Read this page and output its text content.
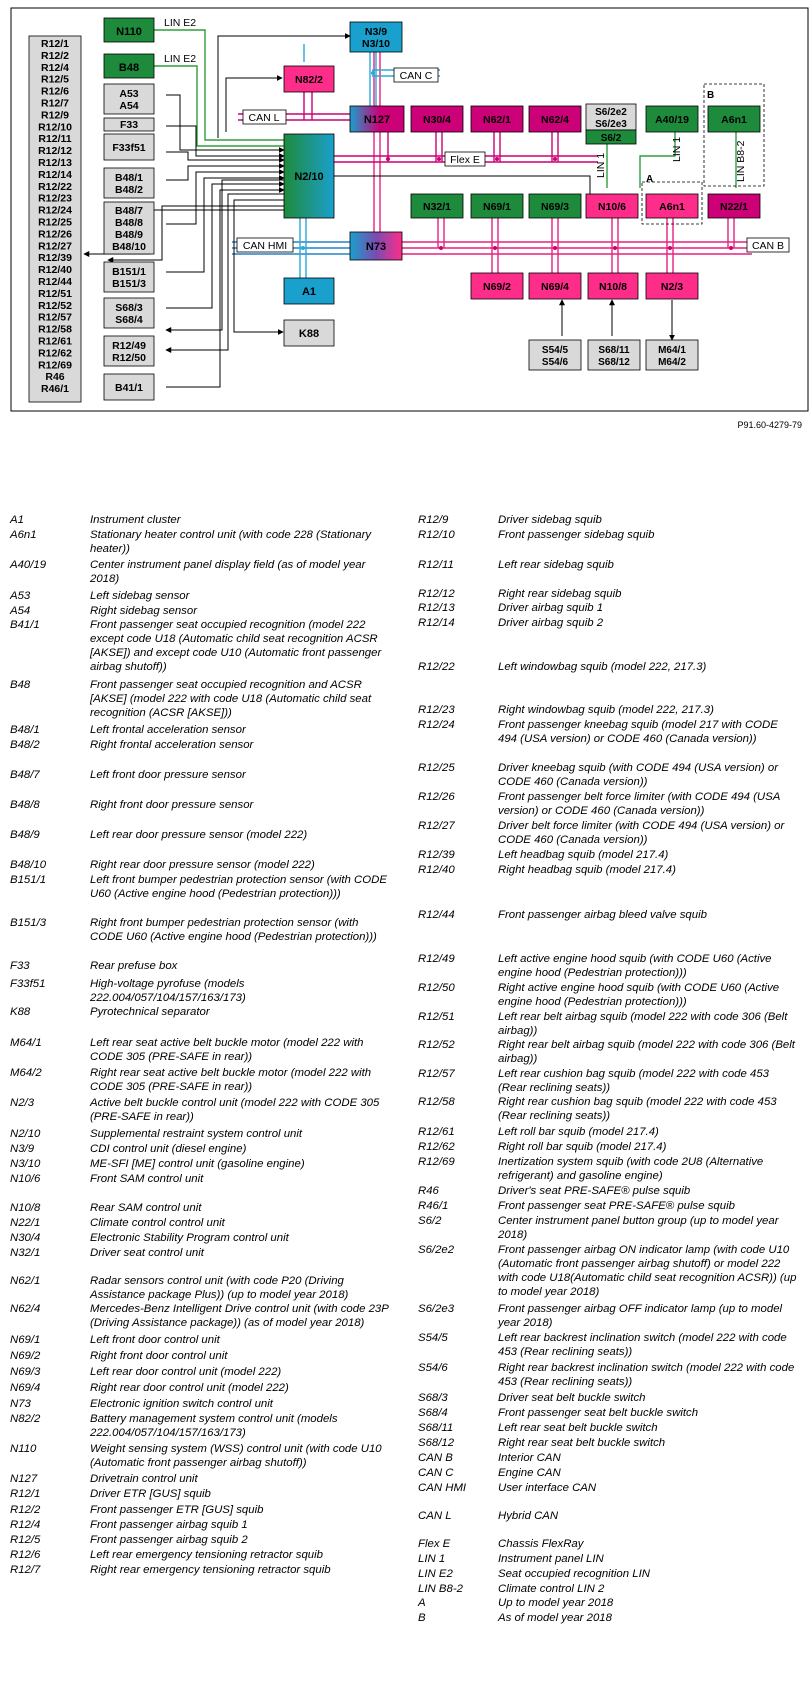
R12/1
R12/2
R12/4
R12/5
R12/6
R12/7
R12/9
R12/10
R12/11
R12/12
R12/13
R12/14
R12/22
R12/23
R12/24
R12/25
R12/26
R12/27
R12/39
R12/40
R12/44
R12/51
R12/52
R12/57
R12/58
R12/61
R12/62
R12/69
R46
R46/1
N110
B48
N3/9
N3/10
N82/2
N2/10
N127	N30/4	N62/1	N62/4
S6/2e2
S6/2e3
S6/2
A40/19	A6n1
N32/1	N69/1	N69/3	N10/6	A6n1	N22/1
A
B
N73
A1
K88
N69/2	N69/4	N10/8	N2/3
S54/5
S54/6
S68/11
S68/12
M64/1
M64/2
A53
A54
F33
F33f51
B48/1
B48/2
B48/7
B48/8
B48/9
B48/10
B151/1
B151/3
S68/3
S68/4
R12/49
R12/50
B41/1
LIN E2
LIN E2
CAN C
CAN L
Flex E
CAN HMI	CAN B
LIN 1
LIN 1	LIN B8-2
P91.60-4279-79
A1	Instrument cluster
A6n1	Stationary heater control unit (with code 228 (Stationary heater))
A40/19	Center instrument panel display field (as of model year 2018)
A53	Left sidebag sensor
A54	Right sidebag sensor
B41/1	Front passenger seat occupied recognition (model 222 except code U18 (Automatic child seat recognition ACSR [AKSE]) and except code U10 (Automatic front passenger airbag shutoff))
B48	Front passenger seat occupied recognition and ACSR [AKSE] (model 222 with code U18 (Automatic child seat recognition (ACSR [AKSE]))
B48/1	Left frontal acceleration sensor
B48/2	Right frontal acceleration sensor
B48/7	Left front door pressure sensor
B48/8	Right front door pressure sensor
B48/9	Left rear door pressure sensor (model 222)
B48/10	Right rear door pressure sensor (model 222)
B151/1	Left front bumper pedestrian protection sensor (with CODE U60 (Active engine hood (Pedestrian protection)))
B151/3	Right front bumper pedestrian protection sensor (with CODE U60 (Active engine hood (Pedestrian protection)))
F33	Rear prefuse box
F33f51	High-voltage pyrofuse (models 222.004/057/104/157/163/173)
K88	Pyrotechnical separator
M64/1	Left rear seat active belt buckle motor (model 222 with CODE 305 (PRE-SAFE in rear))
M64/2	Right rear seat active belt buckle motor (model 222 with CODE 305 (PRE-SAFE in rear))
N2/3	Active belt buckle control unit (model 222 with CODE 305 (PRE-SAFE in rear))
N2/10	Supplemental restraint system control unit
N3/9	CDI control unit (diesel engine)
N3/10	ME-SFI [ME] control unit (gasoline engine)
N10/6	Front SAM control unit
N10/8	Rear SAM control unit
N22/1	Climate control control unit
N30/4	Electronic Stability Program control unit
N32/1	Driver seat control unit
N62/1	Radar sensors control unit (with code P20 (Driving Assistance package Plus)) (up to model year 2018)
N62/4	Mercedes-Benz Intelligent Drive control unit (with code 23P (Driving Assistance package)) (as of model year 2018)
N69/1	Left front door control unit
N69/2	Right front door control unit
N69/3	Left rear door control unit (model 222)
N69/4	Right rear door control unit (model 222)
N73	Electronic ignition switch control unit
N82/2	Battery management system control unit (models 222.004/057/104/157/163/173)
N110	Weight sensing system (WSS) control unit (with code U10 (Automatic front passenger airbag shutoff))
N127	Drivetrain control unit
R12/1	Driver ETR [GUS] squib
R12/2	Front passenger ETR [GUS] squib
R12/4	Front passenger airbag squib 1
R12/5	Front passenger airbag squib 2
R12/6	Left rear emergency tensioning retractor squib
R12/7	Right rear emergency tensioning retractor squib
R12/9	Driver sidebag squib
R12/10	Front passenger sidebag squib
R12/11	Left rear sidebag squib
R12/12	Right rear sidebag squib
R12/13	Driver airbag squib 1
R12/14	Driver airbag squib 2
R12/22	Left windowbag squib (model 222, 217.3)
R12/23	Right windowbag squib (model 222, 217.3)
R12/24	Front passenger kneebag squib (model 217 with CODE 494 (USA version) or CODE 460 (Canada version))
R12/25	Driver kneebag squib (with CODE 494 (USA version) or CODE 460 (Canada version))
R12/26	Front passenger belt force limiter (with CODE 494 (USA version) or CODE 460 (Canada version))
R12/27	Driver belt force limiter (with CODE 494 (USA version) or CODE 460 (Canada version))
R12/39	Left headbag squib (model 217.4)
R12/40	Right headbag squib (model 217.4)
R12/44	Front passenger airbag bleed valve squib
R12/49	Left active engine hood squib (with CODE U60 (Active engine hood (Pedestrian protection)))
R12/50	Right active engine hood squib (with CODE U60 (Active engine hood (Pedestrian protection)))
R12/51	Left rear belt airbag squib (model 222 with code 306 (Belt airbag))
R12/52	Right rear belt airbag squib (model 222 with code 306 (Belt airbag))
R12/57	Left rear cushion bag squib (model 222 with code 453 (Rear reclining seats))
R12/58	Right rear cushion bag squib (model 222 with code 453 (Rear reclining seats))
R12/61	Left roll bar squib (model 217.4)
R12/62	Right roll bar squib (model 217.4)
R12/69	Inertization system squib (with code 2U8 (Alternative refrigerant) and gasoline engine)
R46	Driver's seat PRE-SAFE® pulse squib
R46/1	Front passenger seat PRE-SAFE® pulse squib
S6/2	Center instrument panel button group (up to model year 2018)
S6/2e2	Front passenger airbag ON indicator lamp (with code U10 (Automatic front passenger airbag shutoff) or model 222 with code U18(Automatic child seat recognition ACSR)) (up to model year 2018)
S6/2e3	Front passenger airbag OFF indicator lamp (up to model year 2018)
S54/5	Left rear backrest inclination switch (model 222 with code 453 (Rear reclining seats))
S54/6	Right rear backrest inclination switch (model 222 with code 453 (Rear reclining seats))
S68/3	Driver seat belt buckle switch
S68/4	Front passenger seat belt buckle switch
S68/11	Left rear seat belt buckle switch
S68/12	Right rear seat belt buckle switch
CAN B	Interior CAN
CAN C	Engine CAN
CAN HMI	User interface CAN
CAN L	Hybrid CAN
Flex E	Chassis FlexRay
LIN 1	Instrument panel LIN
LIN E2	Seat occupied recognition LIN
LIN B8-2	Climate control LIN 2
A	Up to model year 2018
B	As of model year 2018
